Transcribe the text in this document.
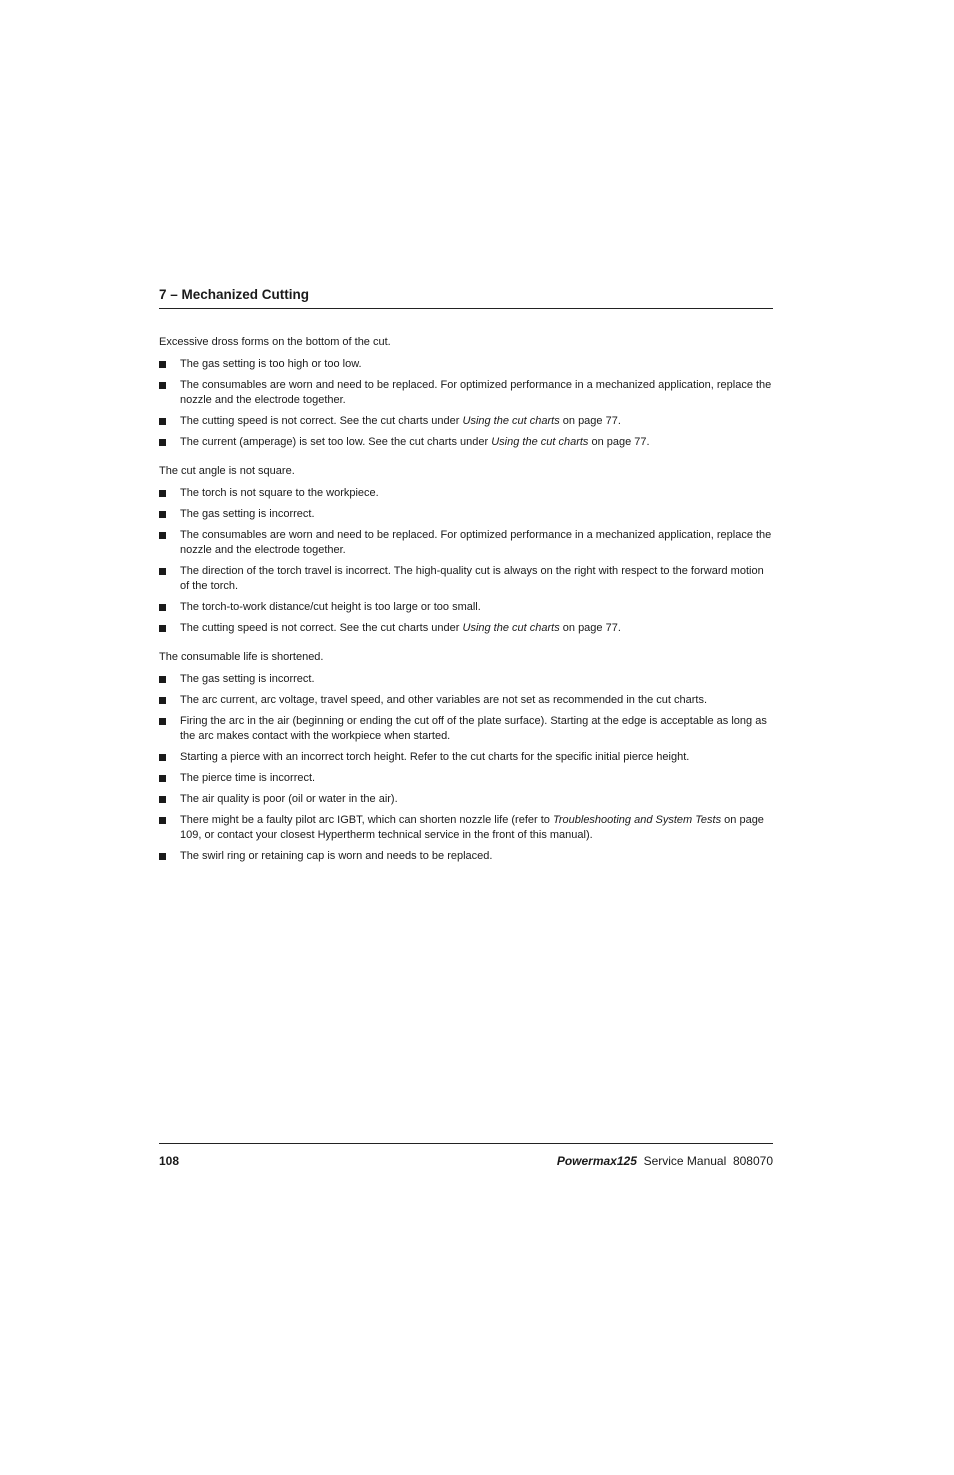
7 – Mechanized Cutting

Excessive dross forms on the bottom of the cut.

The gas setting is too high or too low.
The consumables are worn and need to be replaced. For optimized performance in a mechanized application, replace the nozzle and the electrode together.
The cutting speed is not correct. See the cut charts under Using the cut charts on page 77.
The current (amperage) is set too low. See the cut charts under Using the cut charts on page 77.

The cut angle is not square.

The torch is not square to the workpiece.
The gas setting is incorrect.
The consumables are worn and need to be replaced. For optimized performance in a mechanized application, replace the nozzle and the electrode together.
The direction of the torch travel is incorrect. The high-quality cut is always on the right with respect to the forward motion of the torch.
The torch-to-work distance/cut height is too large or too small.
The cutting speed is not correct. See the cut charts under Using the cut charts on page 77.

The consumable life is shortened.

The gas setting is incorrect.
The arc current, arc voltage, travel speed, and other variables are not set as recommended in the cut charts.
Firing the arc in the air (beginning or ending the cut off of the plate surface). Starting at the edge is acceptable as long as the arc makes contact with the workpiece when started.
Starting a pierce with an incorrect torch height. Refer to the cut charts for the specific initial pierce height.
The pierce time is incorrect.
The air quality is poor (oil or water in the air).
There might be a faulty pilot arc IGBT, which can shorten nozzle life (refer to Troubleshooting and System Tests on page 109, or contact your closest Hypertherm technical service in the front of this manual).
The swirl ring or retaining cap is worn and needs to be replaced.
108	Powermax125 Service Manual 808070
